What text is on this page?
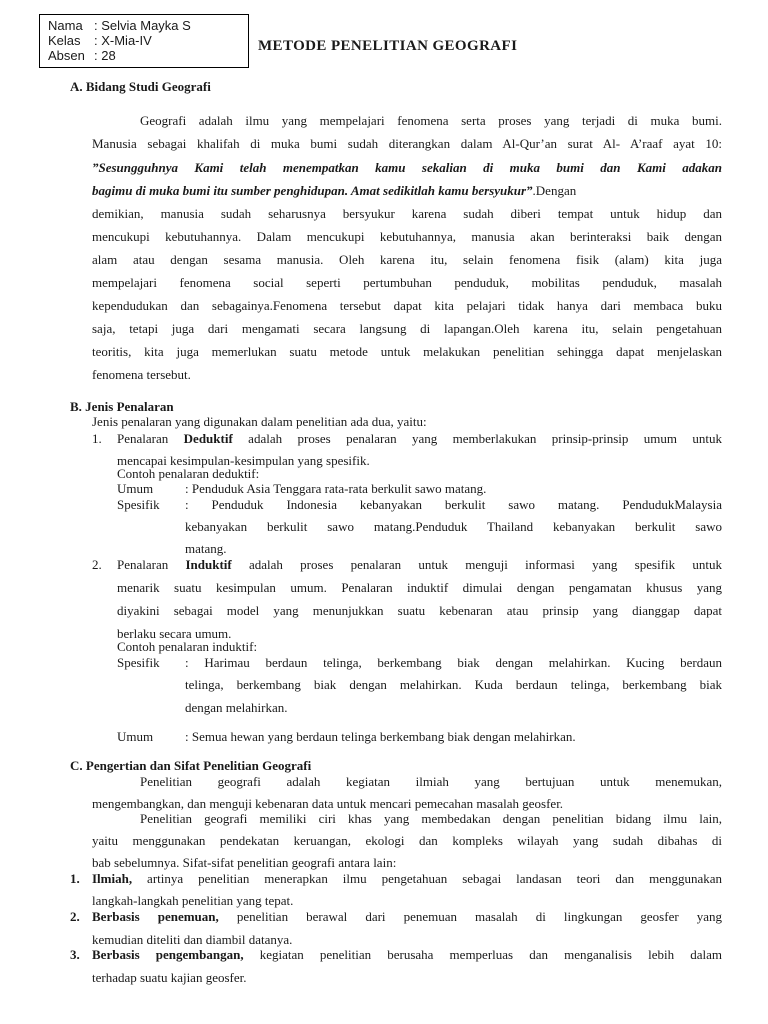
Nama : Selvia Mayka S
Kelas : X-Mia-IV
Absen : 28
METODE PENELITIAN GEOGRAFI
A. Bidang Studi Geografi
Geografi adalah ilmu yang mempelajari fenomena serta proses yang terjadi di muka bumi.
Manusia sebagai khalifah di muka bumi sudah diterangkan dalam Al-Qur’an surat Al- A’raaf ayat 10:
”Sesungguhnya Kami telah menempatkan kamu sekalian di muka bumi dan Kami adakan
bagimu di muka bumi itu sumber penghidupan. Amat sedikitlah kamu bersyukur”.Dengan
demikian, manusia sudah seharusnya bersyukur karena sudah diberi tempat untuk hidup dan
mencukupi kebutuhannya. Dalam mencukupi kebutuhannya, manusia akan berinteraksi baik dengan
alam atau dengan sesama manusia. Oleh karena itu, selain fenomena fisik (alam) kita juga
mempelajari fenomena social seperti pertumbuhan penduduk, mobilitas penduduk, masalah
kependudukan dan sebagainya.Fenomena tersebut dapat kita pelajari tidak hanya dari membaca buku
saja, tetapi juga dari mengamati secara langsung di lapangan.Oleh karena itu, selain pengetahuan
teoritis, kita juga memerlukan suatu metode untuk melakukan penelitian sehingga dapat menjelaskan
fenomena tersebut.
B. Jenis Penalaran
Jenis penalaran yang digunakan dalam penelitian ada dua, yaitu:
1. Penalaran Deduktif adalah proses penalaran yang memberlakukan prinsip-prinsip umum untuk
mencapai kesimpulan-kesimpulan yang spesifik.
Contoh penalaran deduktif:
Umum : Penduduk Asia Tenggara rata-rata berkulit sawo matang.
Spesifik : Penduduk Indonesia kebanyakan berkulit sawo matang. PendudukMalaysia
kebanyakan berkulit sawo matang.Penduduk Thailand kebanyakan berkulit sawo
matang.
2. Penalaran Induktif adalah proses penalaran untuk menguji informasi yang spesifik untuk
menarik suatu kesimpulan umum. Penalaran induktif dimulai dengan pengamatan khusus yang
diyakini sebagai model yang menunjukkan suatu kebenaran atau prinsip yang dianggap dapat
berlaku secara umum.
Contoh penalaran induktif:
Spesifik : Harimau berdaun telinga, berkembang biak dengan melahirkan. Kucing berdaun
telinga, berkembang biak dengan melahirkan. Kuda berdaun telinga, berkembang biak
dengan melahirkan.
Umum : Semua hewan yang berdaun telinga berkembang biak dengan melahirkan.
C. Pengertian dan Sifat Penelitian Geografi
Penelitian geografi adalah kegiatan ilmiah yang bertujuan untuk menemukan,
mengembangkan, dan menguji kebenaran data untuk mencari pemecahan masalah geosfer.
Penelitian geografi memiliki ciri khas yang membedakan dengan penelitian bidang ilmu lain,
yaitu menggunakan pendekatan keruangan, ekologi dan kompleks wilayah yang sudah dibahas di
bab sebelumnya. Sifat-sifat penelitian geografi antara lain:
1. Ilmiah, artinya penelitian menerapkan ilmu pengetahuan sebagai landasan teori dan menggunakan
langkah-langkah penelitian yang tepat.
2. Berbasis penemuan, penelitian berawal dari penemuan masalah di lingkungan geosfer yang
kemudian diteliti dan diambil datanya.
3. Berbasis pengembangan, kegiatan penelitian berusaha memperluas dan menganalisis lebih dalam
terhadap suatu kajian geosfer.
